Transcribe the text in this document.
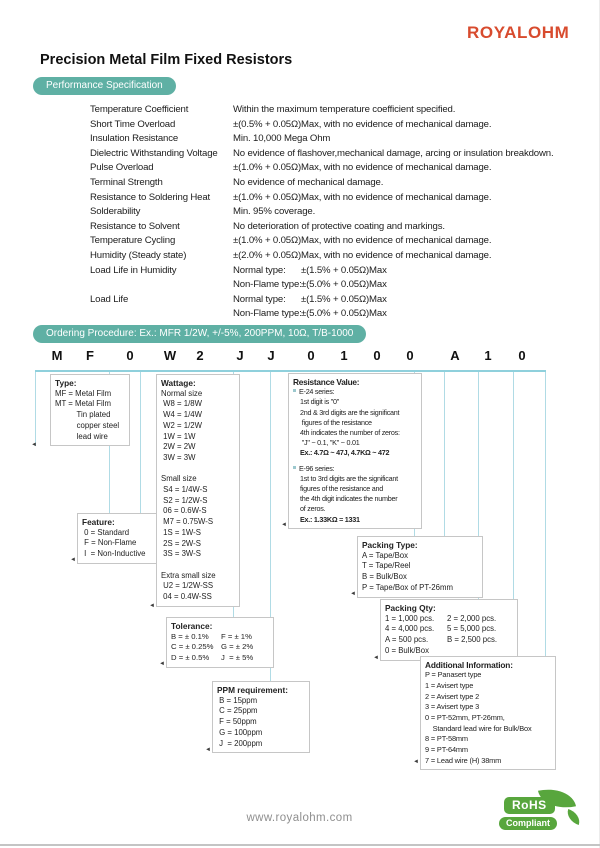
ROYALOHM
Precision Metal Film Fixed Resistors
Performance Specification
Temperature Coefficient	Within the maximum temperature coefficient specified.
Short Time Overload	±(0.5% + 0.05Ω)Max, with no evidence of mechanical damage.
Insulation Resistance	Min. 10,000 Mega Ohm
Dielectric Withstanding Voltage	No evidence of flashover,mechanical damage, arcing or insulation breakdown.
Pulse Overload	±(1.0% + 0.05Ω)Max, with no evidence of mechanical damage.
Terminal Strength	No evidence of mechanical damage.
Resistance to Soldering Heat	±(1.0% + 0.05Ω)Max, with no evidence of mechanical damage.
Solderability	Min. 95% coverage.
Resistance to Solvent	No deterioration of protective coating and markings.
Temperature Cycling	±(1.0% + 0.05Ω)Max, with no evidence of mechanical damage.
Humidity (Steady state)	±(2.0% + 0.05Ω)Max, with no evidence of mechanical damage.
Load Life in Humidity	Normal type:	±(1.5% + 0.05Ω)Max
Non-Flame type: ±(5.0% + 0.05Ω)Max
Load Life	Normal type:	±(1.5% + 0.05Ω)Max
Non-Flame type: ±(5.0% + 0.05Ω)Max
Ordering Procedure: Ex.: MFR 1/2W, +/-5%, 200PPM, 10Ω, T/B-1000
M F 0 W 2	J J	0 1 0 0	A 1 0
Type:
MF = Metal Film
MT = Metal Film
Tin plated
copper steel
lead wire
Feature:
0 = Standard
F = Non-Flame
I  = Non-Inductive
Wattage:
Normal size
W8 = 1/8W
W4 = 1/4W
W2 = 1/2W
1W = 1W
2W = 2W
3W = 3W
Small size
S4 = 1/4W-S
S2 = 1/2W-S
06 = 0.6W-S
M7 = 0.75W-S
1S = 1W-S
2S = 2W-S
3S = 3W-S
Extra small size
U2 = 1/2W-SS
04 = 0.4W-SS
Tolerance:
B = ± 0.1%	F = ± 1%
C = ± 0.25% G = ± 2%
D = ± 0.5%	J  = ± 5%
PPM requirement:
B = 15ppm
C = 25ppm
F = 50ppm
G = 100ppm
J  = 200ppm
Resistance Value:
E-24 series:
1st digit is "0"
2nd & 3rd digits are the significant
figures of the resistance
4th indicates the number of zeros:
"J" ~ 0.1, "K" ~ 0.01
Ex.: 4.7Ω ~ 47J, 4.7KΩ ~ 472
E-96 series:
1st to 3rd digits are the significant
figures of the resistance and
the 4th digit indicates the number
of zeros.
Ex.: 1.33KΩ = 1331
Packing Type:
A = Tape/Box
T = Tape/Reel
B = Bulk/Box
P = Tape/Box of PT-26mm
Packing Qty:
1 = 1,000 pcs.	2 = 2,000 pcs.
4 = 4,000 pcs.	5 = 5,000 pcs.
A = 500 pcs.	B = 2,500 pcs.
0 = Bulk/Box
Additional Information:
P = Panasert type
1 = Avisert type
2 = Avisert type 2
3 = Avisert type 3
0 = PT-52mm, PT-26mm,
Standard lead wire for Bulk/Box
8 = PT-58mm
9 = PT-64mm
7 = Lead wire (H) 38mm
◄
◄
◄
◄
◄
◄
◄
◄
◄
www.royalohm.com
RoHS
Compliant
